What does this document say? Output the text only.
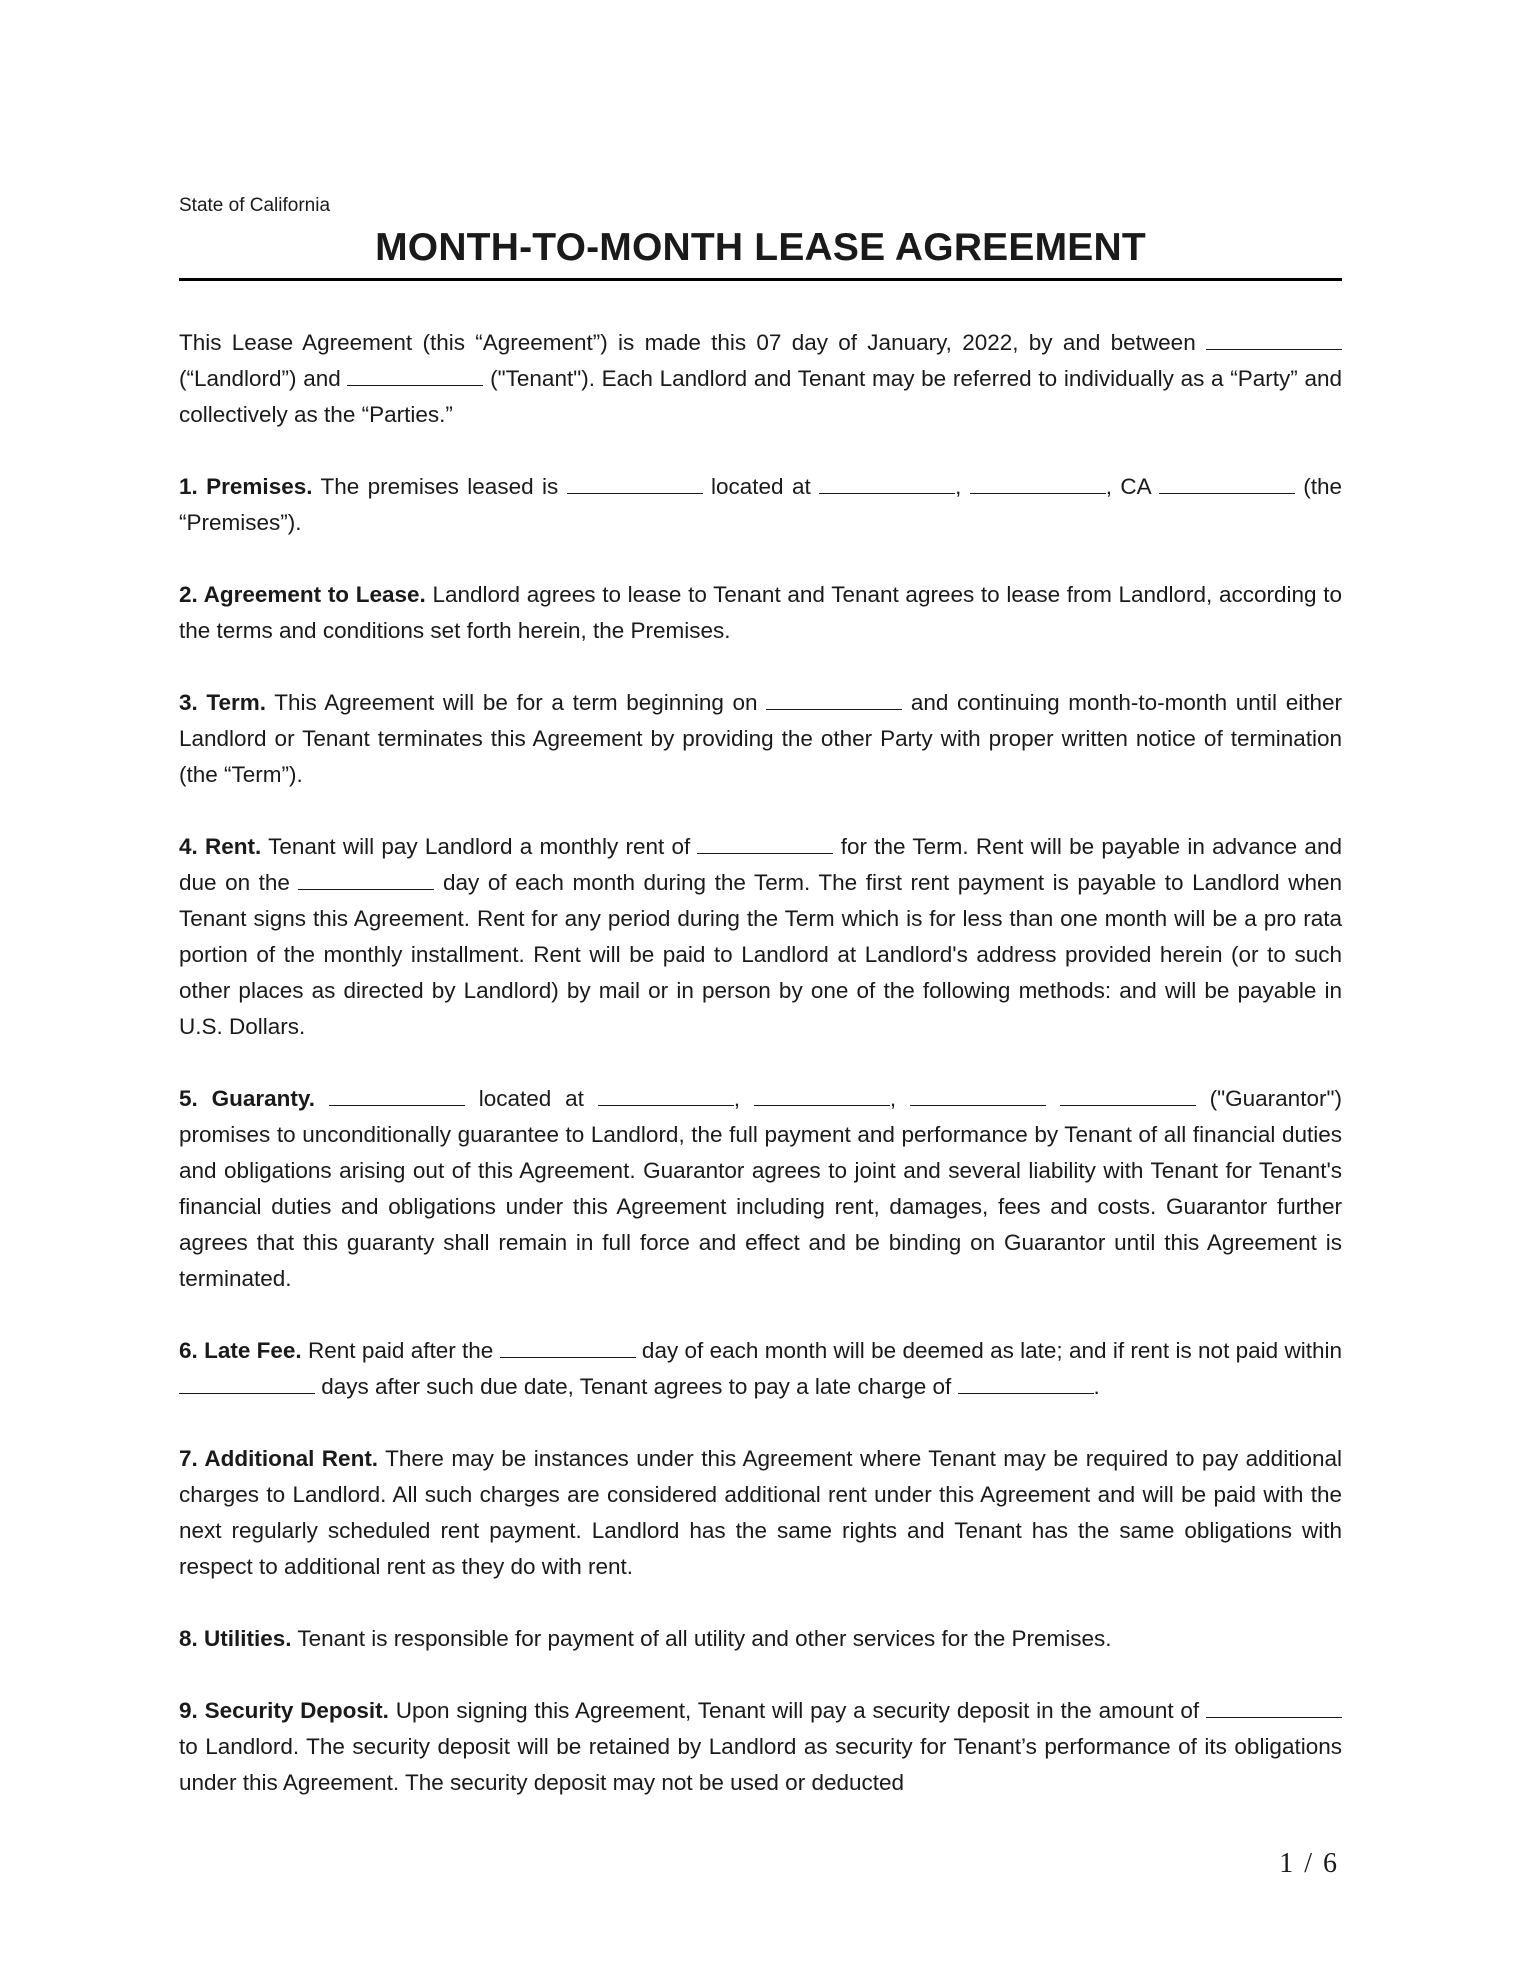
State of California

MONTH-TO-MONTH LEASE AGREEMENT

This Lease Agreement (this “Agreement”) is made this 07 day of January, 2022, by and between  (“Landlord”) and	("Tenant"). Each Landlord and Tenant may be referred to individually as a “Party” and collectively as the “Parties.”

1. Premises. The premises leased is	located at	,	, CA	(the “Premises”).

2. Agreement to Lease. Landlord agrees to lease to Tenant and Tenant agrees to lease from Landlord, according to the terms and conditions set forth herein, the Premises.

3. Term. This Agreement will be for a term beginning on	and continuing month-to-month until either Landlord or Tenant terminates this Agreement by providing the other Party with proper written notice of termination (the “Term”).

4. Rent. Tenant will pay Landlord a monthly rent of	for the Term. Rent will be payable in advance and due on the	day of each month during the Term. The first rent payment is payable to Landlord when Tenant signs this Agreement. Rent for any period during the Term which is for less than one month will be a pro rata portion of the monthly installment. Rent will be paid to Landlord at Landlord's address provided herein (or to such other places as directed by Landlord) by mail or in person by one of the following methods: and will be payable in U.S. Dollars.

5. Guaranty.	located at	,	,	("Guarantor") promises to unconditionally guarantee to Landlord, the full payment and performance by Tenant of all financial duties and obligations arising out of this Agreement. Guarantor agrees to joint and several liability with Tenant for Tenant's financial duties and obligations under this Agreement including rent, damages, fees and costs. Guarantor further agrees that this guaranty shall remain in full force and effect and be binding on Guarantor until this Agreement is terminated.

6. Late Fee. Rent paid after the	day of each month will be deemed as late; and if rent is not paid within  days after such due date, Tenant agrees to pay a late charge of	.

7. Additional Rent. There may be instances under this Agreement where Tenant may be required to pay additional charges to Landlord. All such charges are considered additional rent under this Agreement and will be paid with the next regularly scheduled rent payment. Landlord has the same rights and Tenant has the same obligations with respect to additional rent as they do with rent.

8. Utilities. Tenant is responsible for payment of all utility and other services for the Premises.

9. Security Deposit. Upon signing this Agreement, Tenant will pay a security deposit in the amount of  to Landlord. The security deposit will be retained by Landlord as security for Tenant’s performance of its obligations under this Agreement. The security deposit may not be used or deducted

1 / 6
